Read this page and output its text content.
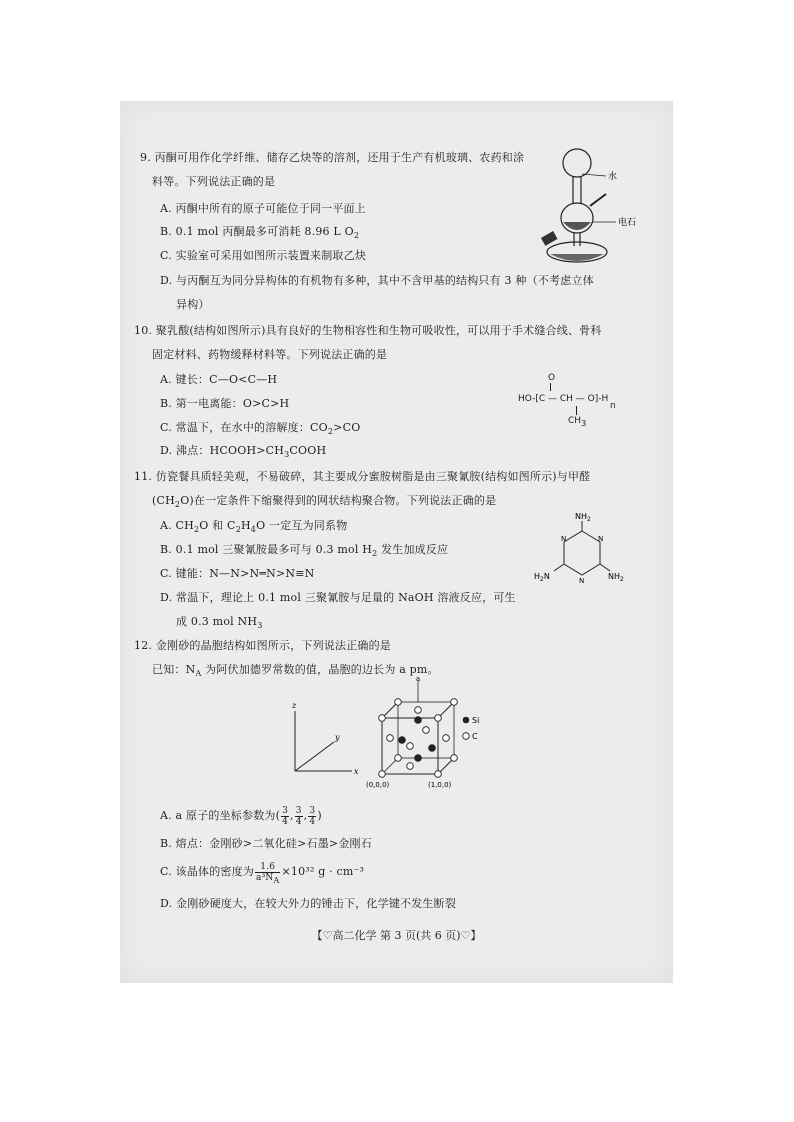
9. 丙酮可用作化学纤维、储存乙炔等的溶剂，还用于生产有机玻璃、农药和涂
料等。下列说法正确的是
A. 丙酮中所有的原子可能位于同一平面上
B. 0.1 mol 丙酮最多可消耗 8.96 L $O_2$
C. 实验室可采用如图所示装置来制取乙炔
D. 与丙酮互为同分异构体的有机物有多种，其中不含甲基的结构只有 3 种（不考虑立体
异构）
水
电石
10. 聚乳酸(结构如图所示)具有良好的生物相容性和生物可吸收性，可以用于手术缝合线、骨科
固定材料、药物缓释材料等。下列说法正确的是
A. 键长：C—O<C—H
B. 第一电离能：O>C>H
C. 常温下，在水中的溶解度：$CO_2>CO$
D. 沸点：$HCOOH>CH_3COOH$
O
HO-[C — CH — O]-H
n
$CH_3$
11. 仿瓷餐具质轻美观，不易破碎，其主要成分蜜胺树脂是由三聚氰胺(结构如图所示)与甲醛
$(CH_2O)$在一定条件下缩聚得到的网状结构聚合物。下列说法正确的是
A. $CH_2O$ 和 $C_2H_4O$ 一定互为同系物
B. 0.1 mol 三聚氰胺最多可与 0.3 mol $H_2$ 发生加成反应
C. 键能：N—N>N═N>N≡N
D. 常温下，理论上 0.1 mol 三聚氰胺与足量的 NaOH 溶液反应，可生
成 0.3 mol $NH_3$
$NH_2$
$H_2N$	$NH_2$
N
N
N
12. 金刚砂的晶胞结构如图所示，下列说法正确的是
已知：$N_A$ 为阿伏加德罗常数的值，晶胞的边长为 a pm。
z
x
y
a
Si
C
(0,0,0)	(1,0,0)
A. a 原子的坐标参数为( $\frac{3}{4}$ , $\frac{3}{4}$ , $\frac{3}{4}$ )
B. 熔点：金刚砂>二氧化硅>石墨>金刚石
C. 该晶体的密度为 $\frac{1.6}{a^3N_A} \times 10^{32}$ g · cm⁻³
D. 金刚砂硬度大，在较大外力的锤击下，化学键不发生断裂
【♡高二化学 第 3 页(共 6 页)♡】
